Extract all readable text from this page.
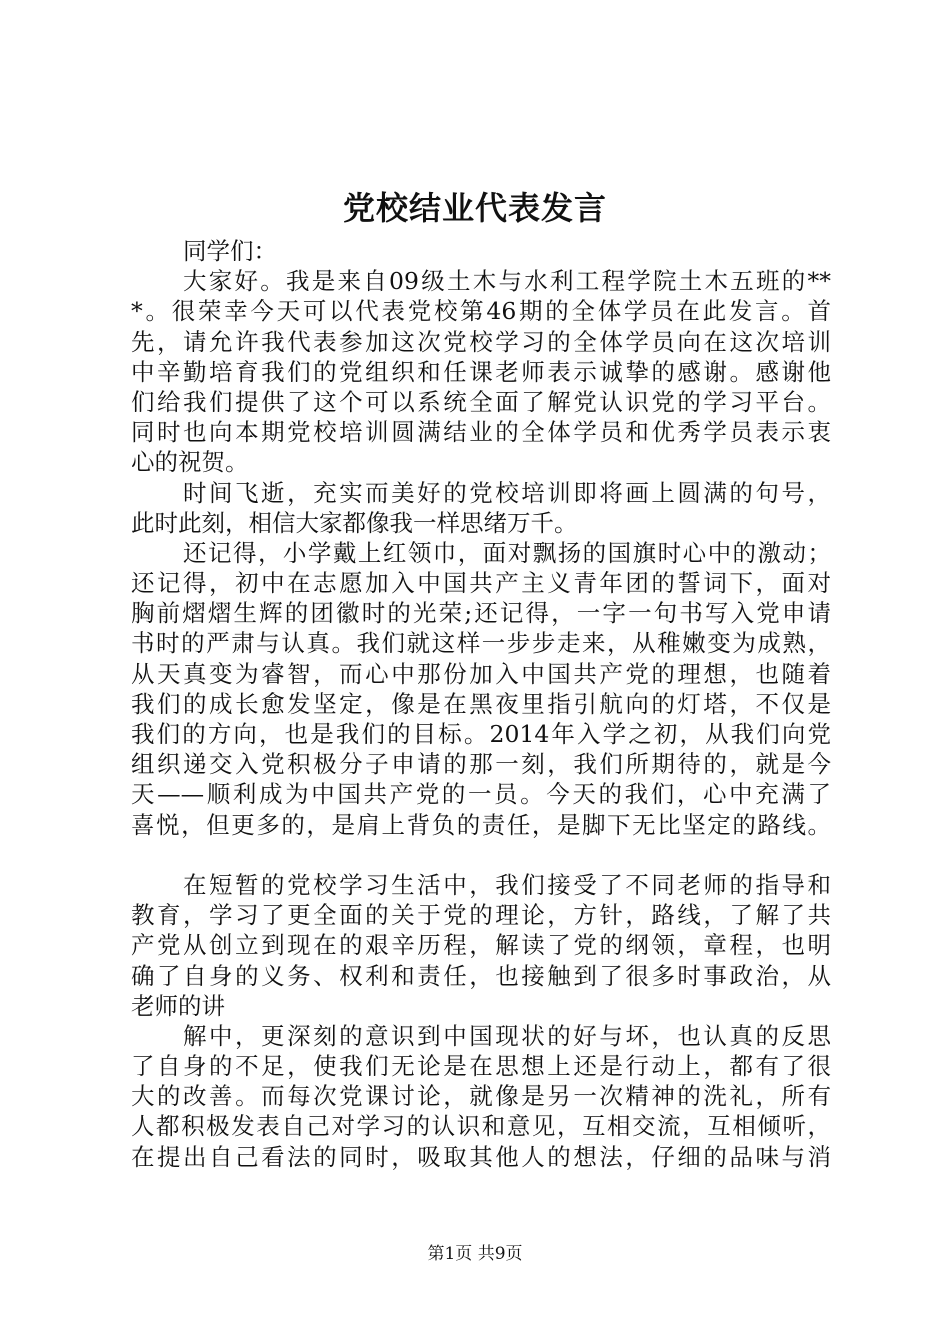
党校结业代表发言
同学们：
大家好。我是来自09级土木与水利工程学院土木五班的**
*。很荣幸今天可以代表党校第46期的全体学员在此发言。首
先，请允许我代表参加这次党校学习的全体学员向在这次培训
中辛勤培育我们的党组织和任课老师表示诚挚的感谢。感谢他
们给我们提供了这个可以系统全面了解党认识党的学习平台。
同时也向本期党校培训圆满结业的全体学员和优秀学员表示衷
心的祝贺。
时间飞逝，充实而美好的党校培训即将画上圆满的句号，
此时此刻，相信大家都像我一样思绪万千。
还记得，小学戴上红领巾，面对飘扬的国旗时心中的激动；
还记得，初中在志愿加入中国共产主义青年团的誓词下，面对
胸前熠熠生辉的团徽时的光荣;还记得，一字一句书写入党申请
书时的严肃与认真。我们就这样一步步走来，从稚嫩变为成熟，
从天真变为睿智，而心中那份加入中国共产党的理想，也随着
我们的成长愈发坚定，像是在黑夜里指引航向的灯塔，不仅是
我们的方向，也是我们的目标。2014年入学之初，从我们向党
组织递交入党积极分子申请的那一刻，我们所期待的，就是今
天——顺利成为中国共产党的一员。今天的我们，心中充满了
喜悦，但更多的，是肩上背负的责任，是脚下无比坚定的路线。
在短暂的党校学习生活中，我们接受了不同老师的指导和
教育，学习了更全面的关于党的理论，方针，路线，了解了共
产党从创立到现在的艰辛历程，解读了党的纲领，章程，也明
确了自身的义务、权利和责任，也接触到了很多时事政治，从
老师的讲
解中，更深刻的意识到中国现状的好与坏，也认真的反思
了自身的不足，使我们无论是在思想上还是行动上，都有了很
大的改善。而每次党课讨论，就像是另一次精神的洗礼，所有
人都积极发表自己对学习的认识和意见，互相交流，互相倾听，
在提出自己看法的同时，吸取其他人的想法，仔细的品味与消
第1页 共9页
